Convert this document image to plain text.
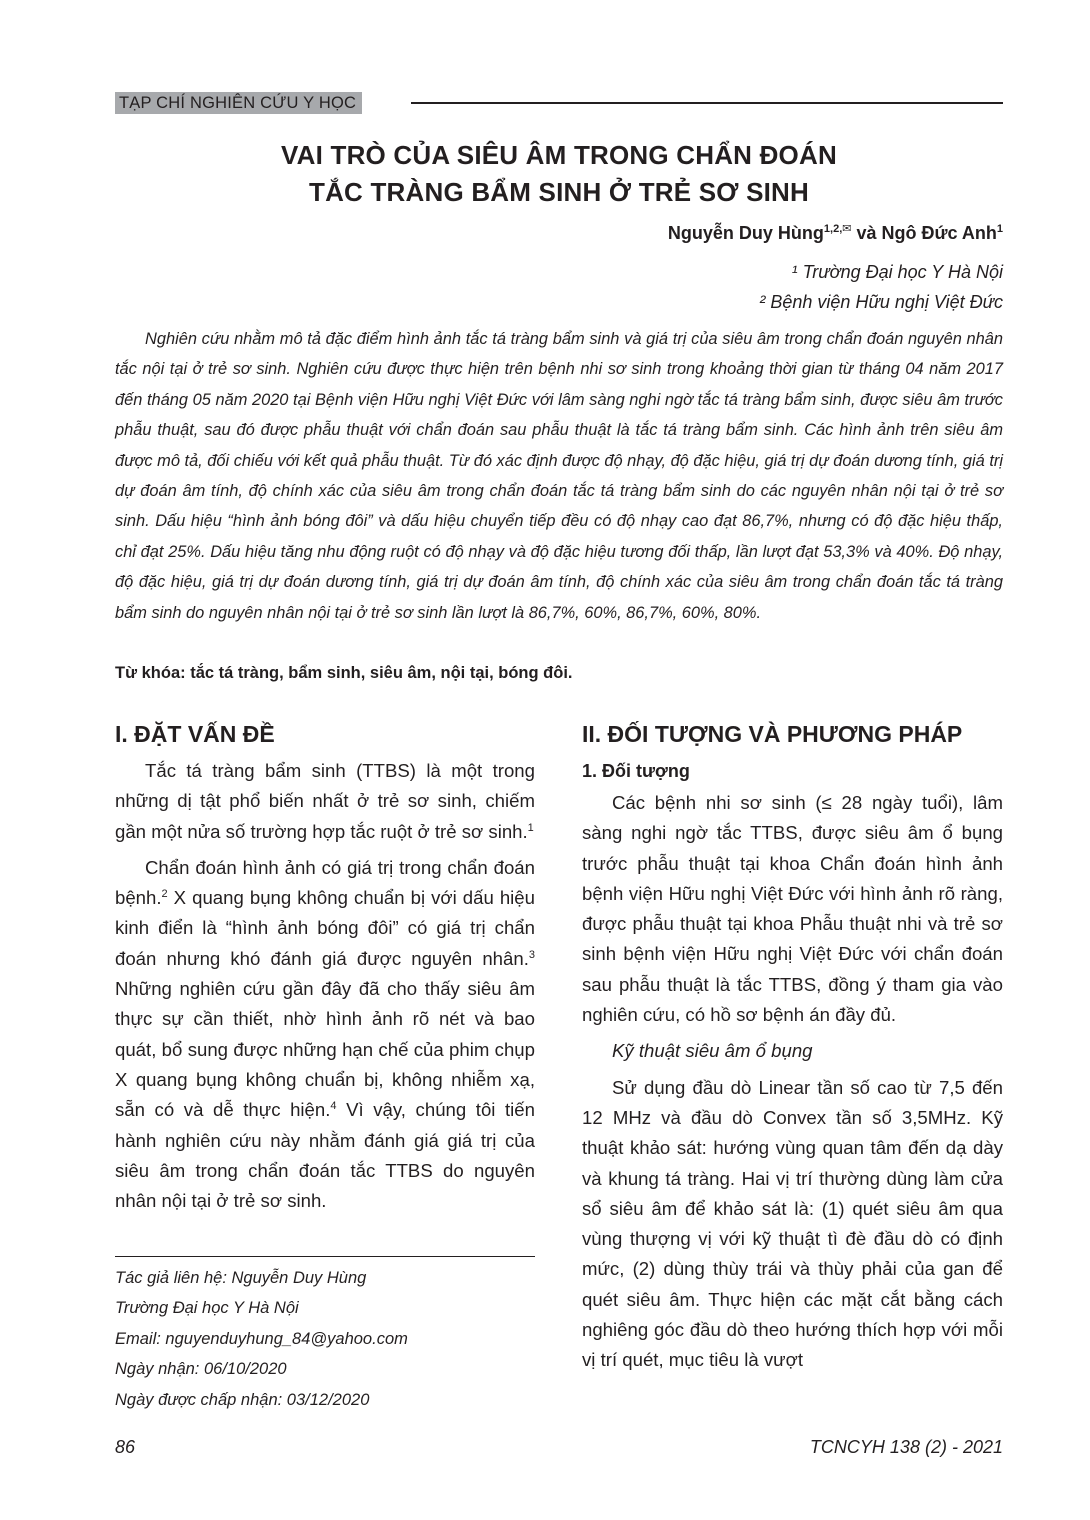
TẠP CHÍ NGHIÊN CỨU Y HỌC
VAI TRÒ CỦA SIÊU ÂM TRONG CHẨN ĐOÁN
TẮC TRÀNG BẨM SINH Ở TRẺ SƠ SINH
Nguyễn Duy Hùng$^{1,2,✉}$ và Ngô Đức Anh$^1$
¹ Trường Đại học Y Hà Nội
² Bệnh viện Hữu nghị Việt Đức

Nghiên cứu nhằm mô tả đặc điểm hình ảnh tắc tá tràng bẩm sinh và giá trị của siêu âm trong chẩn đoán nguyên nhân tắc nội tại ở trẻ sơ sinh. Nghiên cứu được thực hiện trên bệnh nhi sơ sinh trong khoảng thời gian từ tháng 04 năm 2017 đến tháng 05 năm 2020 tại Bệnh viện Hữu nghị Việt Đức với lâm sàng nghi ngờ tắc tá tràng bẩm sinh, được siêu âm trước phẫu thuật, sau đó được phẫu thuật với chẩn đoán sau phẫu thuật là tắc tá tràng bẩm sinh. Các hình ảnh trên siêu âm được mô tả, đối chiếu với kết quả phẫu thuật. Từ đó xác định được độ nhạy, độ đặc hiệu, giá trị dự đoán dương tính, giá trị dự đoán âm tính, độ chính xác của siêu âm trong chẩn đoán tắc tá tràng bẩm sinh do các nguyên nhân nội tại ở trẻ sơ sinh. Dấu hiệu “hình ảnh bóng đôi” và dấu hiệu chuyển tiếp đều có độ nhạy cao đạt 86,7%, nhưng có độ đặc hiệu thấp, chỉ đạt 25%. Dấu hiệu tăng nhu động ruột có độ nhạy và độ đặc hiệu tương đối thấp, lần lượt đạt 53,3% và 40%. Độ nhạy, độ đặc hiệu, giá trị dự đoán dương tính, giá trị dự đoán âm tính, độ chính xác của siêu âm trong chẩn đoán tắc tá tràng bẩm sinh do nguyên nhân nội tại ở trẻ sơ sinh lần lượt là 86,7%, 60%, 86,7%, 60%, 80%.

Từ khóa: tắc tá tràng, bẩm sinh, siêu âm, nội tại, bóng đôi.
I. ĐẶT VẤN ĐỀ

Tắc tá tràng bẩm sinh (TTBS) là một trong những dị tật phổ biến nhất ở trẻ sơ sinh, chiếm gần một nửa số trường hợp tắc ruột ở trẻ sơ sinh.$^1$

Chẩn đoán hình ảnh có giá trị trong chẩn đoán bệnh.$^2$ X quang bụng không chuẩn bị với dấu hiệu kinh điển là “hình ảnh bóng đôi” có giá trị chẩn đoán nhưng khó đánh giá được nguyên nhân.$^3$ Những nghiên cứu gần đây đã cho thấy siêu âm thực sự cần thiết, nhờ hình ảnh rõ nét và bao quát, bổ sung được những hạn chế của phim chụp X quang bụng không chuẩn bị, không nhiễm xạ, sẵn có và dễ thực hiện.$^4$ Vì vậy, chúng tôi tiến hành nghiên cứu này nhằm đánh giá giá trị của siêu âm trong chẩn đoán tắc TTBS do nguyên nhân nội tại ở trẻ sơ sinh.

Tác giả liên hệ: Nguyễn Duy Hùng
Trường Đại học Y Hà Nội
Email: nguyenduyhung_84@yahoo.com
Ngày nhận: 06/10/2020
Ngày được chấp nhận: 03/12/2020
II. ĐỐI TƯỢNG VÀ PHƯƠNG PHÁP
1. Đối tượng

Các bệnh nhi sơ sinh (≤ 28 ngày tuổi), lâm sàng nghi ngờ tắc TTBS, được siêu âm ổ bụng trước phẫu thuật tại khoa Chẩn đoán hình ảnh bệnh viện Hữu nghị Việt Đức với hình ảnh rõ ràng, được phẫu thuật tại khoa Phẫu thuật nhi và trẻ sơ sinh bệnh viện Hữu nghị Việt Đức với chẩn đoán sau phẫu thuật là tắc TTBS, đồng ý tham gia vào nghiên cứu, có hồ sơ bệnh án đầy đủ.

Kỹ thuật siêu âm ổ bụng

Sử dụng đầu dò Linear tần số cao từ 7,5 đến 12 MHz và đầu dò Convex tần số 3,5MHz. Kỹ thuật khảo sát: hướng vùng quan tâm đến dạ dày và khung tá tràng. Hai vị trí thường dùng làm cửa sổ siêu âm để khảo sát là: (1) quét siêu âm qua vùng thượng vị với kỹ thuật tì đè đầu dò có định mức, (2) dùng thùy trái và thùy phải của gan để quét siêu âm. Thực hiện các mặt cắt bằng cách nghiêng góc đầu dò theo hướng thích hợp với mỗi vị trí quét, mục tiêu là vượt

86	TCNCYH 138 (2) - 2021
